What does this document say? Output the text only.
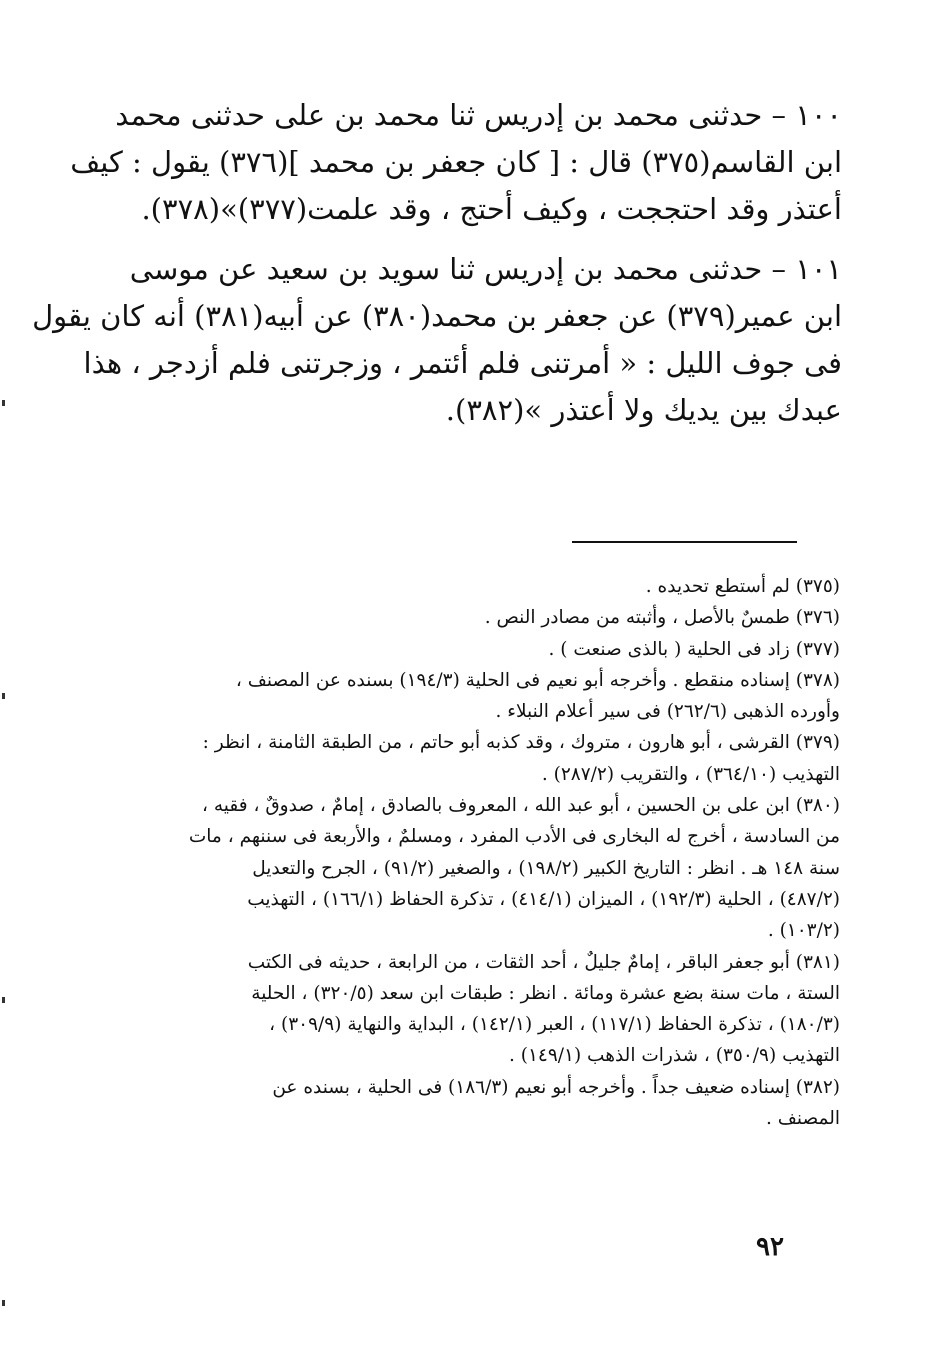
١٠٠ – حدثنى محمد بن إدريس ثنا محمد بن على حدثنى محمد
ابن القاسم(٣٧٥) قال : [ كان جعفر بن محمد ](٣٧٦) يقول : كيف
أعتذر وقد احتججت ، وكيف أحتج ، وقد علمت(٣٧٧)»(٣٧٨).
١٠١ – حدثنى محمد بن إدريس ثنا سويد بن سعيد عن موسى
ابن عمير(٣٧٩) عن جعفر بن محمد(٣٨٠) عن أبيه(٣٨١) أنه كان يقول
فى جوف الليل : « أمرتنى فلم أئتمر ، وزجرتنى فلم أزدجر ، هذا
عبدك بين يديك ولا أعتذر »(٣٨٢).
(٣٧٥) لم أستطع تحديده .
(٣٧٦) طمسٌ بالأصل ، وأثبته من مصادر النص .
(٣٧٧) زاد فى الحلية ( بالذى صنعت ) .
(٣٧٨) إسناده منقطع . وأخرجه أبو نعيم فى الحلية (١٩٤/٣) بسنده عن المصنف ،
وأورده الذهبى (٢٦٢/٦) فى سير أعلام النبلاء .
(٣٧٩) القرشى ، أبو هارون ، متروك ، وقد كذبه أبو حاتم ، من الطبقة الثامنة ، انظر :
التهذيب (٣٦٤/١٠) ، والتقريب (٢٨٧/٢) .
(٣٨٠) ابن على بن الحسين ، أبو عبد الله ، المعروف بالصادق ، إمامٌ ، صدوقٌ ، فقيه ،
من السادسة ، أخرج له البخارى فى الأدب المفرد ، ومسلمٌ ، والأربعة فى سننهم ، مات
سنة ١٤٨ هـ . انظر : التاريخ الكبير (١٩٨/٢) ، والصغير (٩١/٢) ، الجرح والتعديل
(٤٨٧/٢) ، الحلية (١٩٢/٣) ، الميزان (٤١٤/١) ، تذكرة الحفاظ (١٦٦/١) ، التهذيب
(١٠٣/٢) .
(٣٨١) أبو جعفر الباقر ، إمامٌ جليلٌ ، أحد الثقات ، من الرابعة ، حديثه فى الكتب
الستة ، مات سنة بضع عشرة ومائة . انظر : طبقات ابن سعد (٣٢٠/٥) ، الحلية
(١٨٠/٣) ، تذكرة الحفاظ (١١٧/١) ، العبر (١٤٢/١) ، البداية والنهاية (٣٠٩/٩) ،
التهذيب (٣٥٠/٩) ، شذرات الذهب (١٤٩/١) .
(٣٨٢) إسناده ضعيف جداً . وأخرجه أبو نعيم (١٨٦/٣) فى الحلية ، بسنده عن
المصنف .
٩٢
